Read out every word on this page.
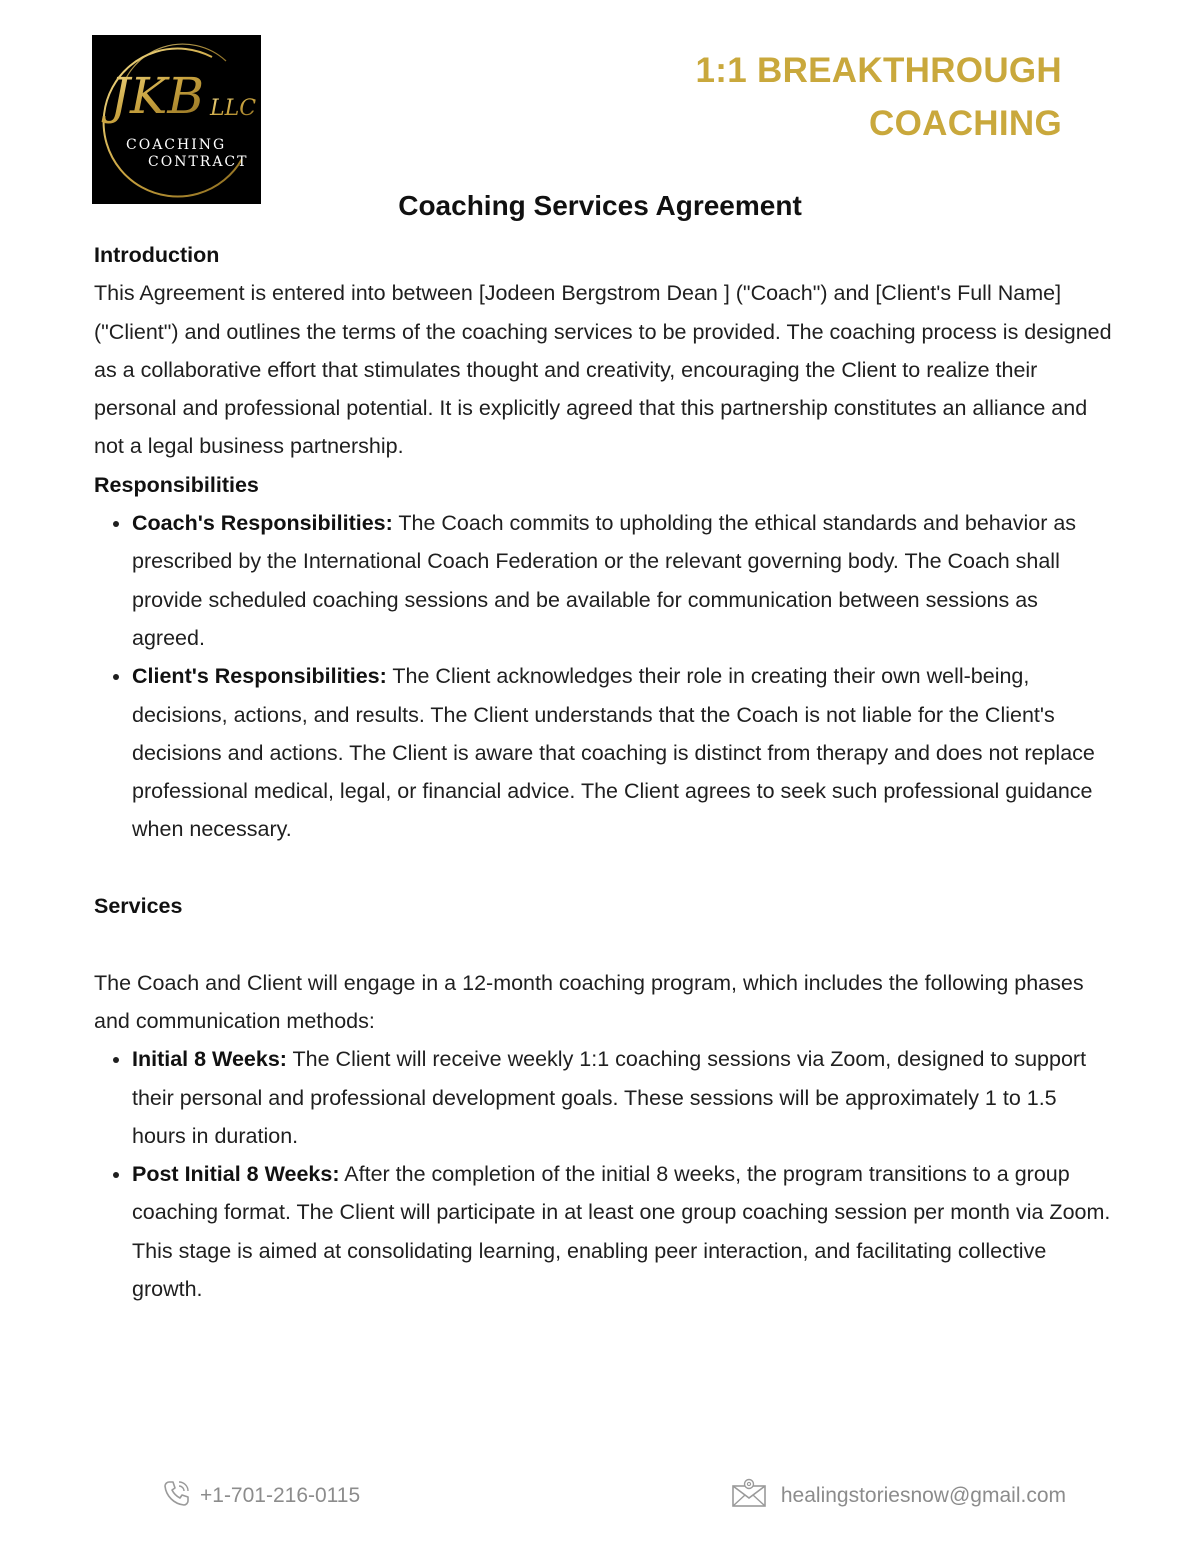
JKB LLC
COACHING
CONTRACT
1:1 BREAKTHROUGH
COACHING
Coaching Services Agreement

Introduction

This Agreement is entered into between [Jodeen Bergstrom Dean ] ("Coach") and [Client's Full Name] ("Client") and outlines the terms of the coaching services to be provided. The coaching process is designed as a collaborative effort that stimulates thought and creativity, encouraging the Client to realize their personal and professional potential. It is explicitly agreed that this partnership constitutes an alliance and not a legal business partnership.

Responsibilities

• Coach's Responsibilities: The Coach commits to upholding the ethical standards and behavior as prescribed by the International Coach Federation or the relevant governing body. The Coach shall provide scheduled coaching sessions and be available for communication between sessions as agreed.
• Client's Responsibilities: The Client acknowledges their role in creating their own well-being, decisions, actions, and results. The Client understands that the Coach is not liable for the Client's decisions and actions. The Client is aware that coaching is distinct from therapy and does not replace professional medical, legal, or financial advice. The Client agrees to seek such professional guidance when necessary.

Services

The Coach and Client will engage in a 12-month coaching program, which includes the following phases and communication methods:

• Initial 8 Weeks: The Client will receive weekly 1:1 coaching sessions via Zoom, designed to support their personal and professional development goals. These sessions will be approximately 1 to 1.5 hours in duration.
• Post Initial 8 Weeks: After the completion of the initial 8 weeks, the program transitions to a group coaching format. The Client will participate in at least one group coaching session per month via Zoom. This stage is aimed at consolidating learning, enabling peer interaction, and facilitating collective growth.
+1-701-216-0115	healingstoriesnow@gmail.com
